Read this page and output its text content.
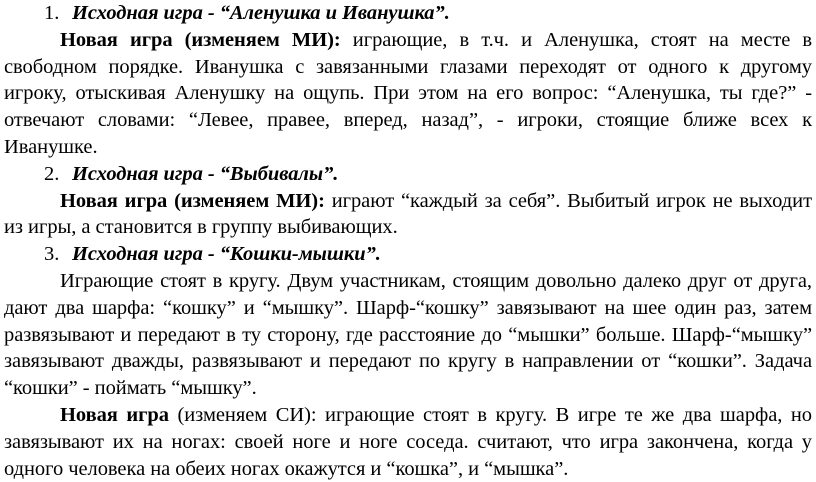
1. Исходная игра - “Аленушка и Иванушка”.
Новая игра (изменяем МИ): играющие, в т.ч. и Аленушка, стоят на месте в
свободном порядке. Иванушка с завязанными глазами переходят от одного к другому
игроку, отыскивая Аленушку на ощупь. При этом на его вопрос: “Аленушка, ты где?” -
отвечают словами: “Левее, правее, вперед, назад”, - игроки, стоящие ближе всех к
Иванушке.
2. Исходная игра - “Выбивалы”.
Новая игра (изменяем МИ): играют “каждый за себя”. Выбитый игрок не выходит
из игры, а становится в группу выбивающих.
3. Исходная игра - “Кошки-мышки”.
Играющие стоят в кругу. Двум участникам, стоящим довольно далеко друг от друга,
дают два шарфа: “кошку” и “мышку”. Шарф-“кошку” завязывают на шее один раз, затем
развязывают и передают в ту сторону, где расстояние до “мышки” больше. Шарф-“мышку”
завязывают дважды, развязывают и передают по кругу в направлении от “кошки”. Задача
“кошки” - поймать “мышку”.
Новая игра (изменяем СИ): играющие стоят в кругу. В игре те же два шарфа, но
завязывают их на ногах: своей ноге и ноге соседа. считают, что игра закончена, когда у
одного человека на обеих ногах окажутся и “кошка”, и “мышка”.
